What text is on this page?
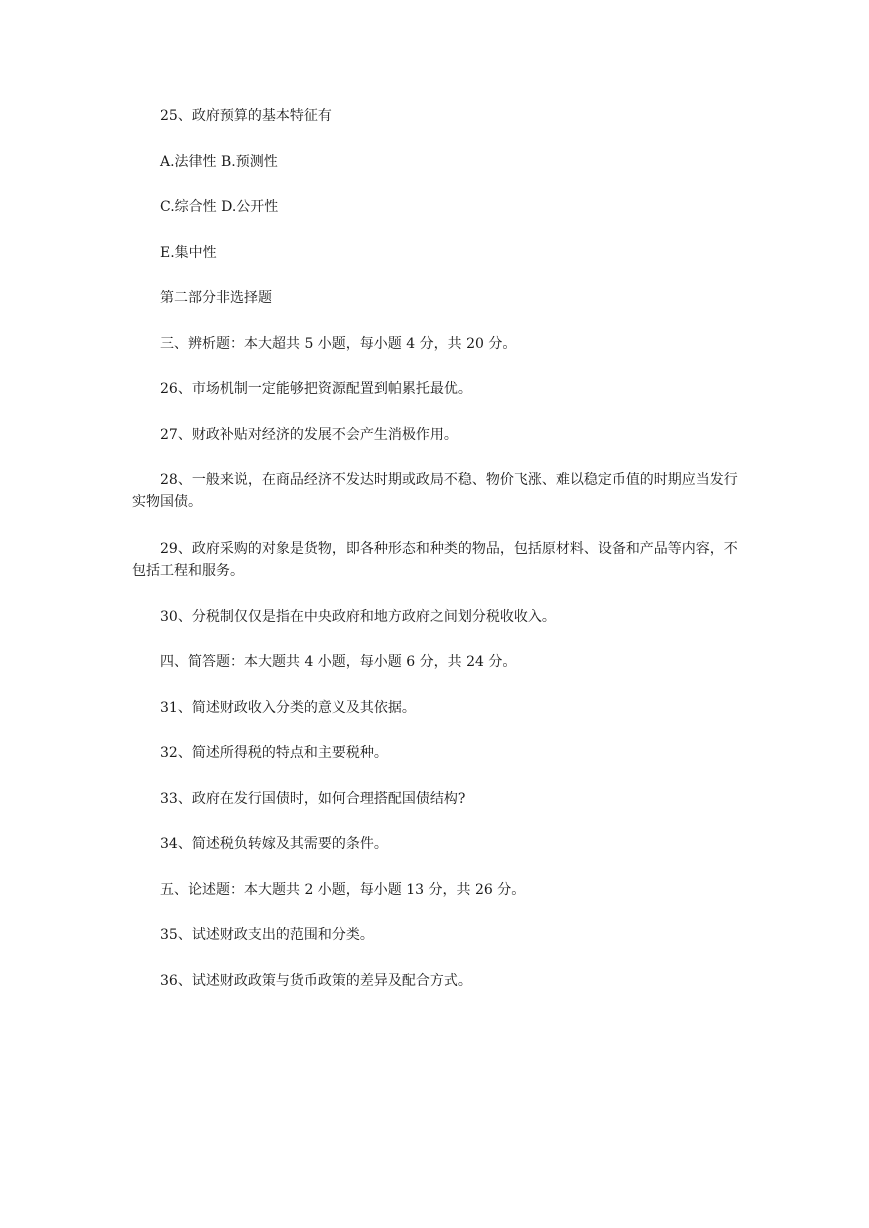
25、政府预算的基本特征有

A.法律性 B.预测性

C.综合性 D.公开性

E.集中性

第二部分非选择题

三、辨析题：本大超共 5 小题，每小题 4 分，共 20 分。

26、市场机制一定能够把资源配置到帕累托最优。

27、财政补贴对经济的发展不会产生消极作用。

28、一般来说，在商品经济不发达时期或政局不稳、物价飞涨、难以稳定币值的时期应当发行实物国债。

29、政府采购的对象是货物，即各种形态和种类的物品，包括原材料、设备和产品等内容，不包括工程和服务。

30、分税制仅仅是指在中央政府和地方政府之间划分税收收入。

四、简答题：本大题共 4 小题，每小题 6 分，共 24 分。

31、简述财政收入分类的意义及其依据。

32、简述所得税的特点和主要税种。

33、政府在发行国债时，如何合理搭配国债结构?

34、简述税负转嫁及其需要的条件。

五、论述题：本大题共 2 小题，每小题 13 分，共 26 分。

35、试述财政支出的范围和分类。

36、试述财政政策与货币政策的差异及配合方式。
